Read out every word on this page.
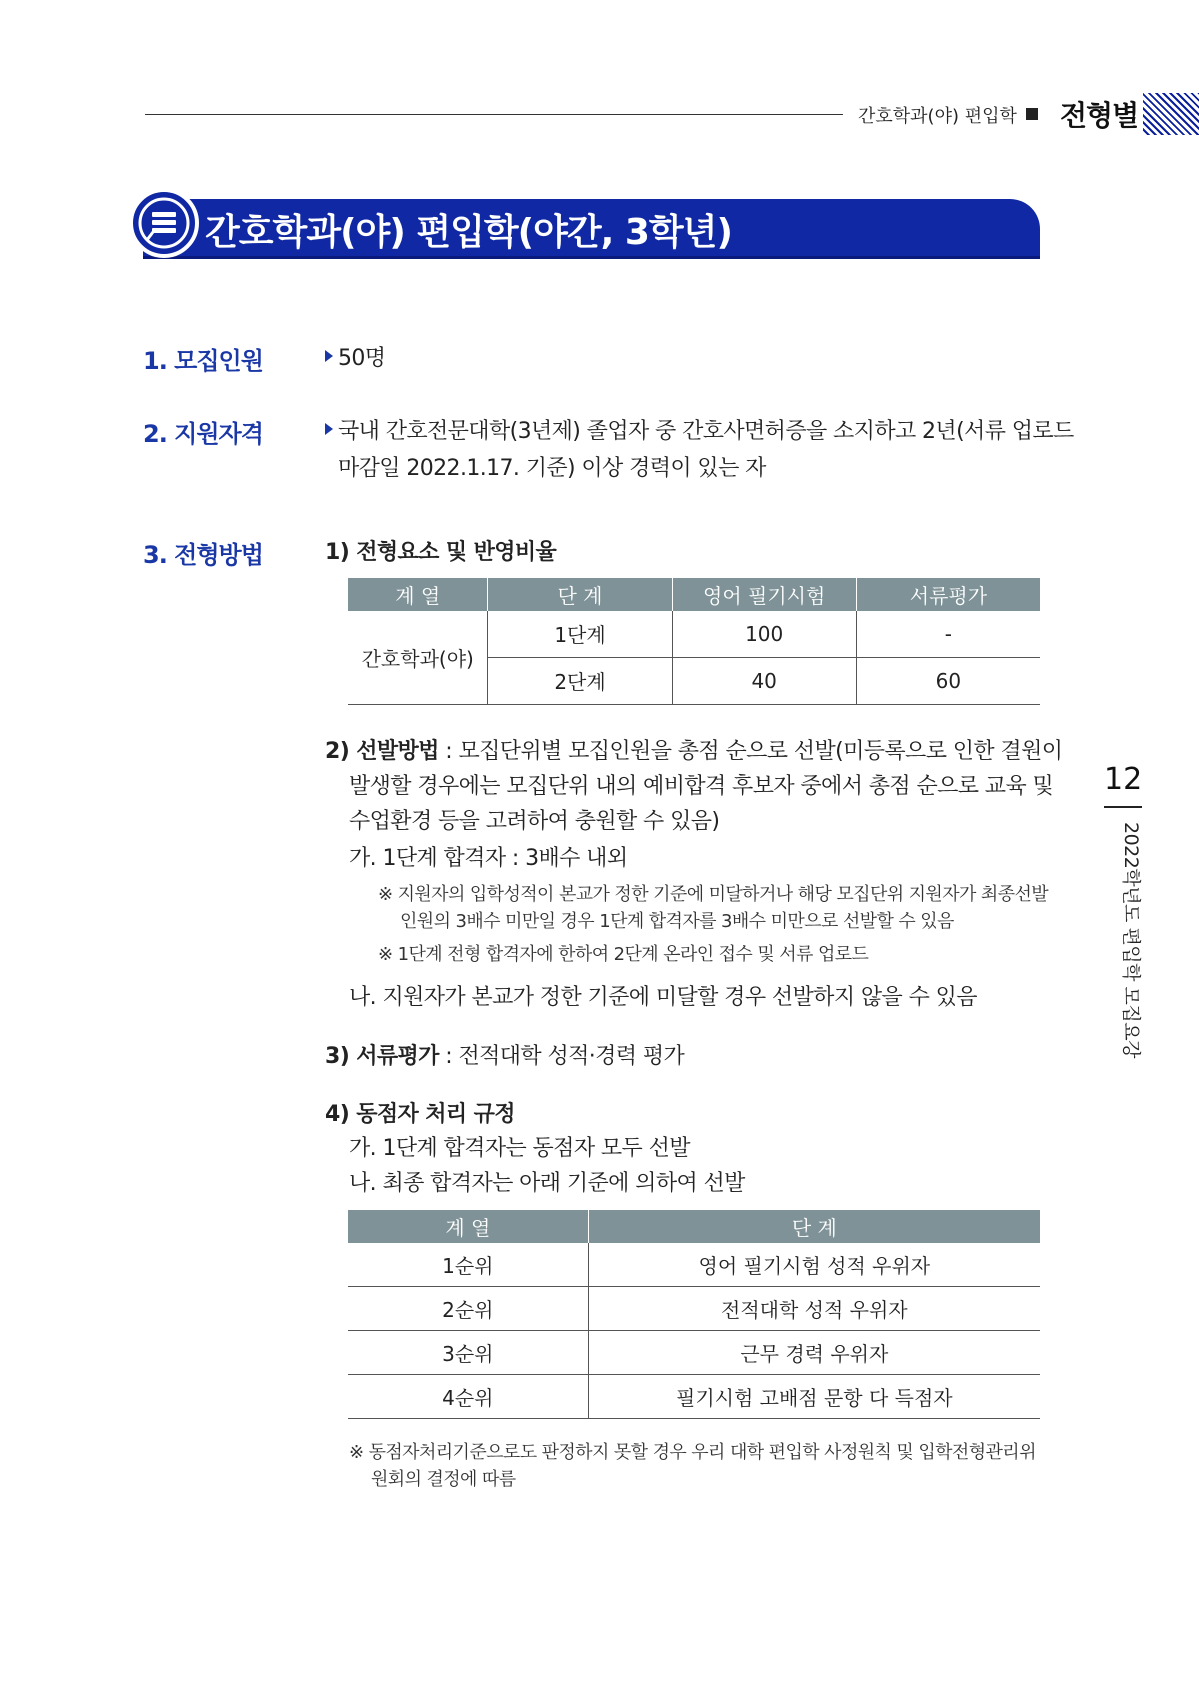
간호학과(야) 편입학 전형별
간호학과(야) 편입학(야간, 3학년)
1. 모집인원	50명
2. 지원자격	국내 간호전문대학(3년제) 졸업자 중 간호사면허증을 소지하고 2년(서류 업로드
마감일 2022.1.17. 기준) 이상 경력이 있는 자
3. 전형방법	1) 전형요소 및 반영비율
계 열	단 계	영어 필기시험	서류평가
간호학과(야)	1단계	100	-
	2단계	40	60
2) 선발방법 : 모집단위별 모집인원을 총점 순으로 선발(미등록으로 인한 결원이
발생할 경우에는 모집단위 내의 예비합격 후보자 중에서 총점 순으로 교육 및
수업환경 등을 고려하여 충원할 수 있음)
가. 1단계 합격자 : 3배수 내외
※ 지원자의 입학성적이 본교가 정한 기준에 미달하거나 해당 모집단위 지원자가 최종선발
인원의 3배수 미만일 경우 1단계 합격자를 3배수 미만으로 선발할 수 있음
※ 1단계 전형 합격자에 한하여 2단계 온라인 접수 및 서류 업로드
나. 지원자가 본교가 정한 기준에 미달할 경우 선발하지 않을 수 있음
3) 서류평가 : 전적대학 성적·경력 평가
4) 동점자 처리 규정
가. 1단계 합격자는 동점자 모두 선발
나. 최종 합격자는 아래 기준에 의하여 선발
계 열	단 계
1순위	영어 필기시험 성적 우위자
2순위	전적대학 성적 우위자
3순위	근무 경력 우위자
4순위	필기시험 고배점 문항 다 득점자
※ 동점자처리기준으로도 판정하지 못할 경우 우리 대학 편입학 사정원칙 및 입학전형관리위
원회의 결정에 따름
12
2022학년도 편입학 모집요강
